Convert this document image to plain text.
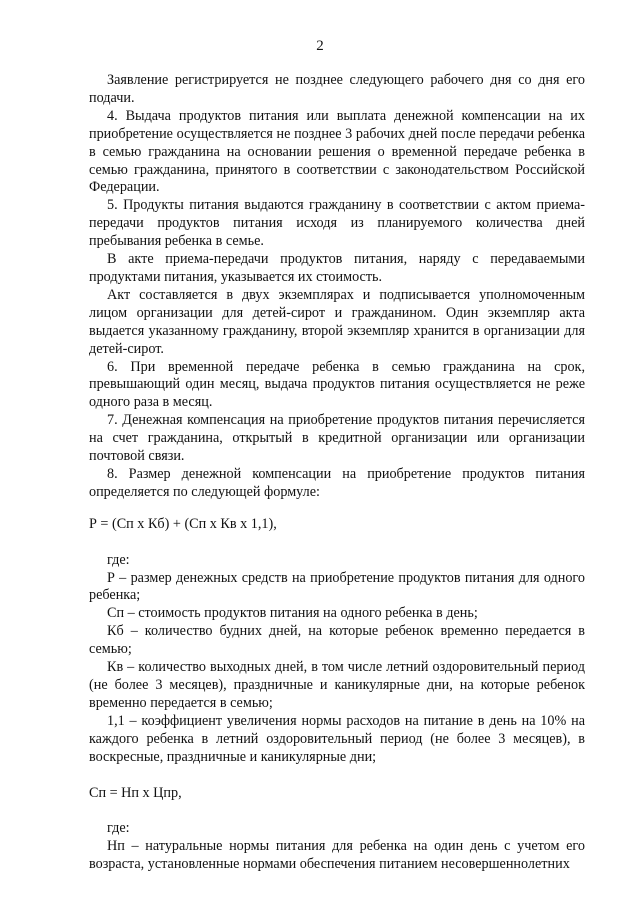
2

Заявление регистрируется не позднее следующего рабочего дня со дня его подачи.

4. Выдача продуктов питания или выплата денежной компенсации на их приобретение осуществляется не позднее 3 рабочих дней после передачи ребенка в семью гражданина на основании решения о временной передаче ребенка в семью гражданина, принятого в соответствии с законодательством Российской Федерации.

5. Продукты питания выдаются гражданину в соответствии с актом приема-передачи продуктов питания исходя из планируемого количества дней пребывания ребенка в семье.

В акте приема-передачи продуктов питания, наряду с передаваемыми продуктами питания, указывается их стоимость.

Акт составляется в двух экземплярах и подписывается уполномоченным лицом организации для детей-сирот и гражданином. Один экземпляр акта выдается указанному гражданину, второй экземпляр хранится в организации для детей-сирот.

6. При временной передаче ребенка в семью гражданина на срок, превышающий один месяц, выдача продуктов питания осуществляется не реже одного раза в месяц.

7. Денежная компенсация на приобретение продуктов питания перечисляется на счет гражданина, открытый в кредитной организации или организации почтовой связи.

8. Размер денежной компенсации на приобретение продуктов питания определяется по следующей формуле:

Р = (Сп х Кб) + (Сп х Кв х 1,1),

где:

Р – размер денежных средств на приобретение продуктов питания для одного ребенка;

Сп – стоимость продуктов питания на одного ребенка в день;

Кб – количество будних дней, на которые ребенок временно передается в семью;

Кв – количество выходных дней, в том числе летний оздоровительный период (не более 3 месяцев), праздничные и каникулярные дни, на которые ребенок временно передается в семью;

1,1 – коэффициент увеличения нормы расходов на питание в день на 10% на каждого ребенка в летний оздоровительный период (не более 3 месяцев), в воскресные, праздничные и каникулярные дни;

Сп = Нп х Цпр,

где:

Нп – натуральные нормы питания для ребенка на один день с учетом его возраста, установленные нормами обеспечения питанием несовершеннолетних
